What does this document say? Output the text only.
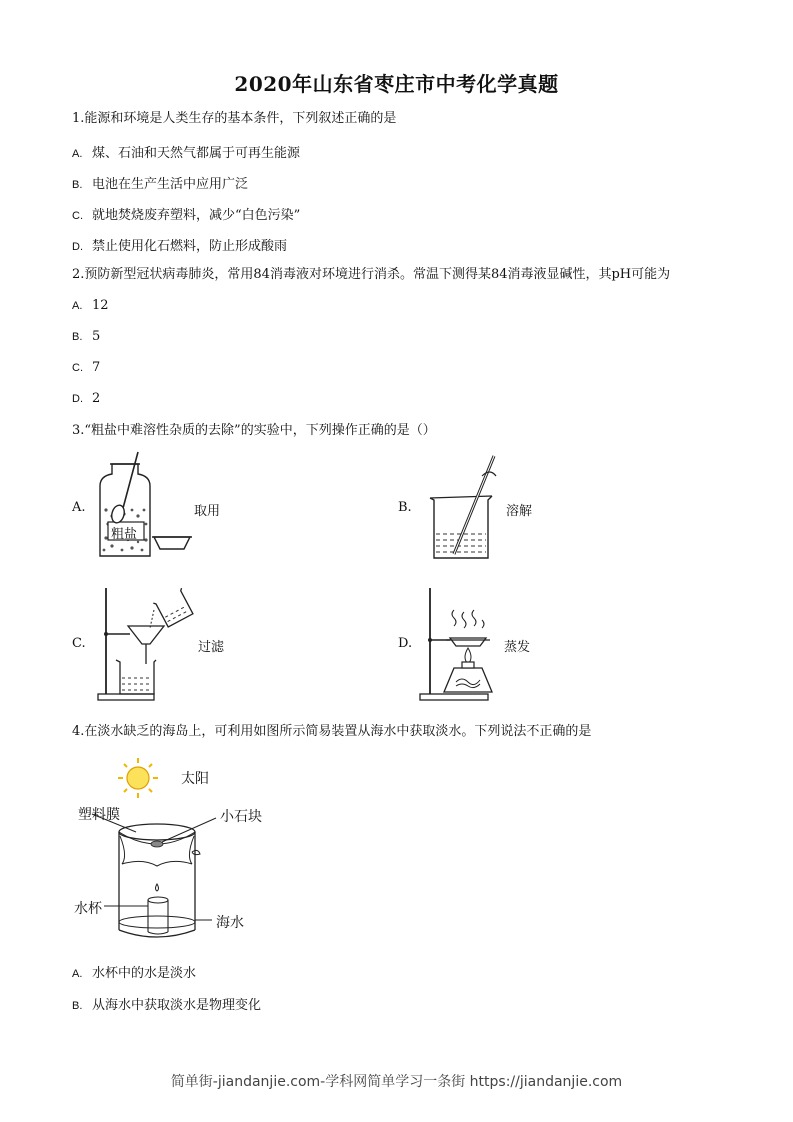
2020年山东省枣庄市中考化学真题
1.能源和环境是人类生存的基本条件，下列叙述正确的是
A. 煤、石油和天然气都属于可再生能源
B. 电池在生产生活中应用广泛
C. 就地焚烧废弃塑料，减少“白色污染”
D. 禁止使用化石燃料，防止形成酸雨
2.预防新型冠状病毒肺炎，常用84消毒液对环境进行消杀。常温下测得某84消毒液显碱性，其pH可能为
A. 12
B. 5
C. 7
D. 2
3.“粗盐中难溶性杂质的去除”的实验中，下列操作正确的是（）
A.
粗盐
取用	B.	溶解
C.	过滤	D.	蒸发
4.在淡水缺乏的海岛上，可利用如图所示简易装置从海水中获取淡水。下列说法不正确的是
太阳
塑料膜	小石块
水杯
海水
A. 水杯中的水是淡水
B. 从海水中获取淡水是物理变化
简单街-jiandanjie.com-学科网简单学习一条街 https://jiandanjie.com
